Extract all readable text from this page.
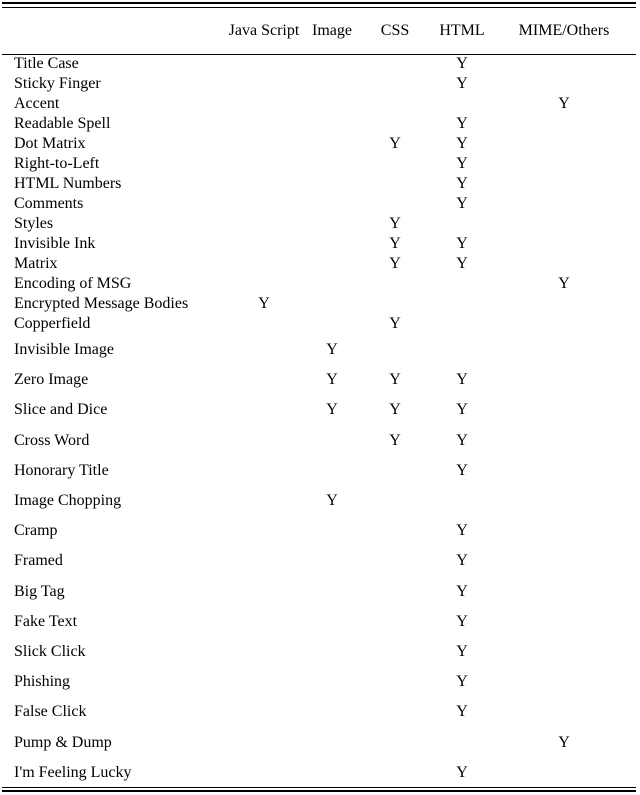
	Java Script	Image	CSS	HTML	MIME/Others
Title Case				Y	
Sticky Finger				Y	
Accent					Y
Readable Spell				Y	
Dot Matrix			Y	Y	
Right-to-Left				Y	
HTML Numbers				Y	
Comments				Y	
Styles			Y		
Invisible Ink			Y	Y	
Matrix			Y	Y	
Encoding of MSG					Y
Encrypted Message Bodies	Y				
Copperfield			Y		
Invisible Image		Y			
Zero Image		Y	Y	Y	
Slice and Dice		Y	Y	Y	
Cross Word			Y	Y	
Honorary Title				Y	
Image Chopping		Y			
Cramp				Y	
Framed				Y	
Big Tag				Y	
Fake Text				Y	
Slick Click				Y	
Phishing				Y	
False Click				Y	
Pump & Dump					Y
I'm Feeling Lucky				Y	
